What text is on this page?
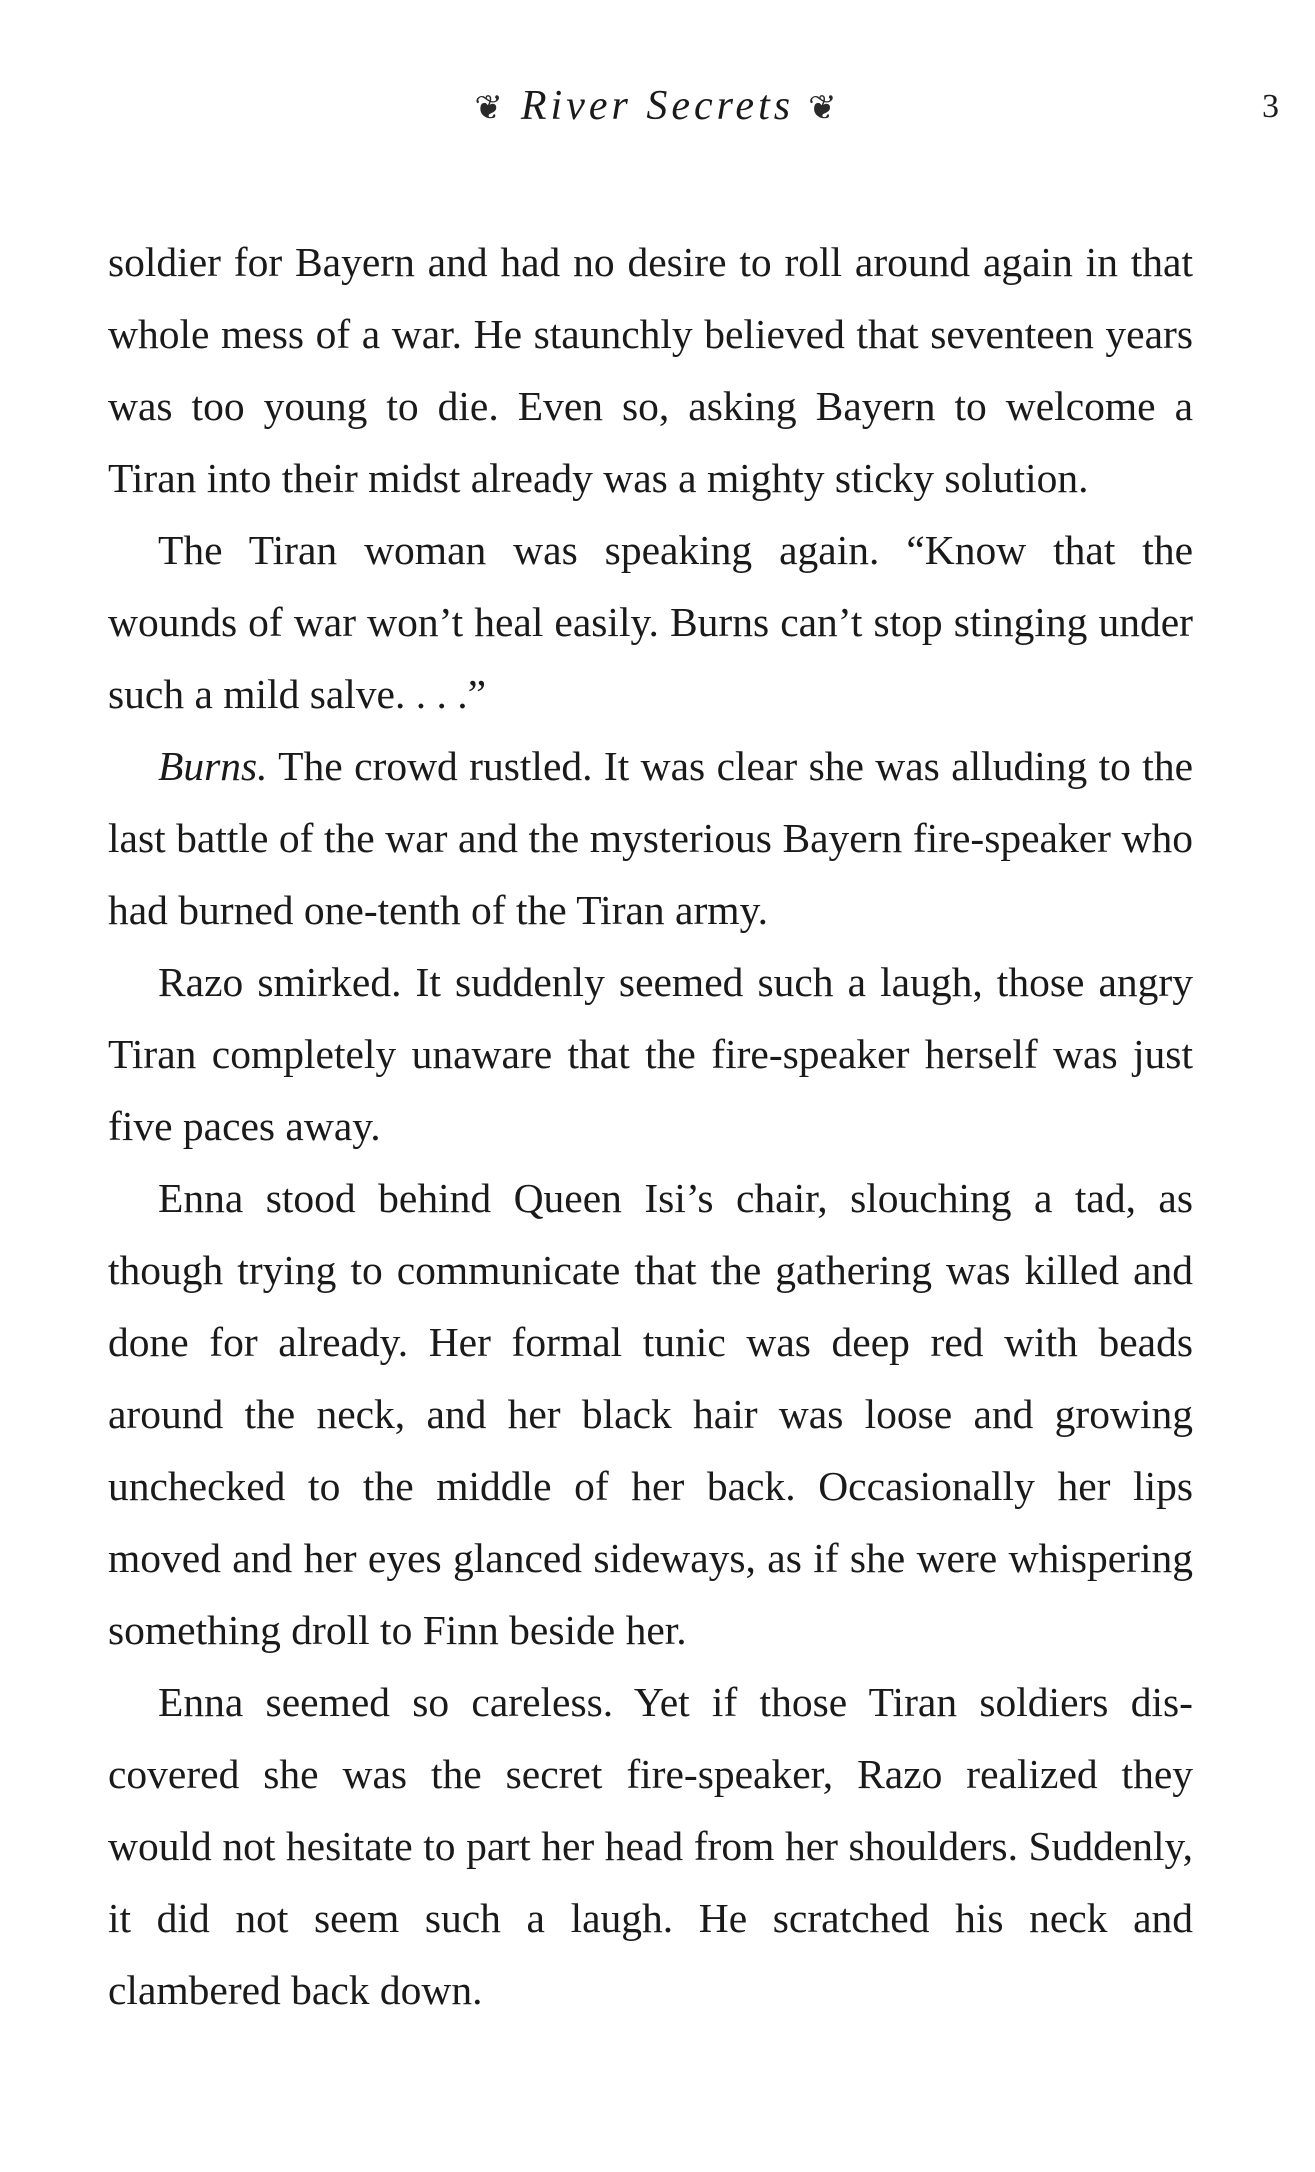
❦ River Secrets ❦	3

soldier for Bayern and had no desire to roll around again in that whole mess of a war. He staunchly believed that seventeen years was too young to die. Even so, asking Bayern to welcome a Tiran into their midst already was a mighty sticky solution.

The Tiran woman was speaking again. “Know that the wounds of war won’t heal easily. Burns can’t stop stinging under such a mild salve. . . .”

Burns. The crowd rustled. It was clear she was alluding to the last battle of the war and the mysterious Bayern fire-speaker who had burned one-tenth of the Tiran army.

Razo smirked. It suddenly seemed such a laugh, those angry Tiran completely unaware that the fire-speaker herself was just five paces away.

Enna stood behind Queen Isi’s chair, slouching a tad, as though trying to communicate that the gathering was killed and done for already. Her formal tunic was deep red with beads around the neck, and her black hair was loose and growing unchecked to the middle of her back. Occasionally her lips moved and her eyes glanced sideways, as if she were whispering something droll to Finn beside her.

Enna seemed so careless. Yet if those Tiran soldiers discovered she was the secret fire-speaker, Razo realized they would not hesitate to part her head from her shoulders. Suddenly, it did not seem such a laugh. He scratched his neck and clambered back down.
